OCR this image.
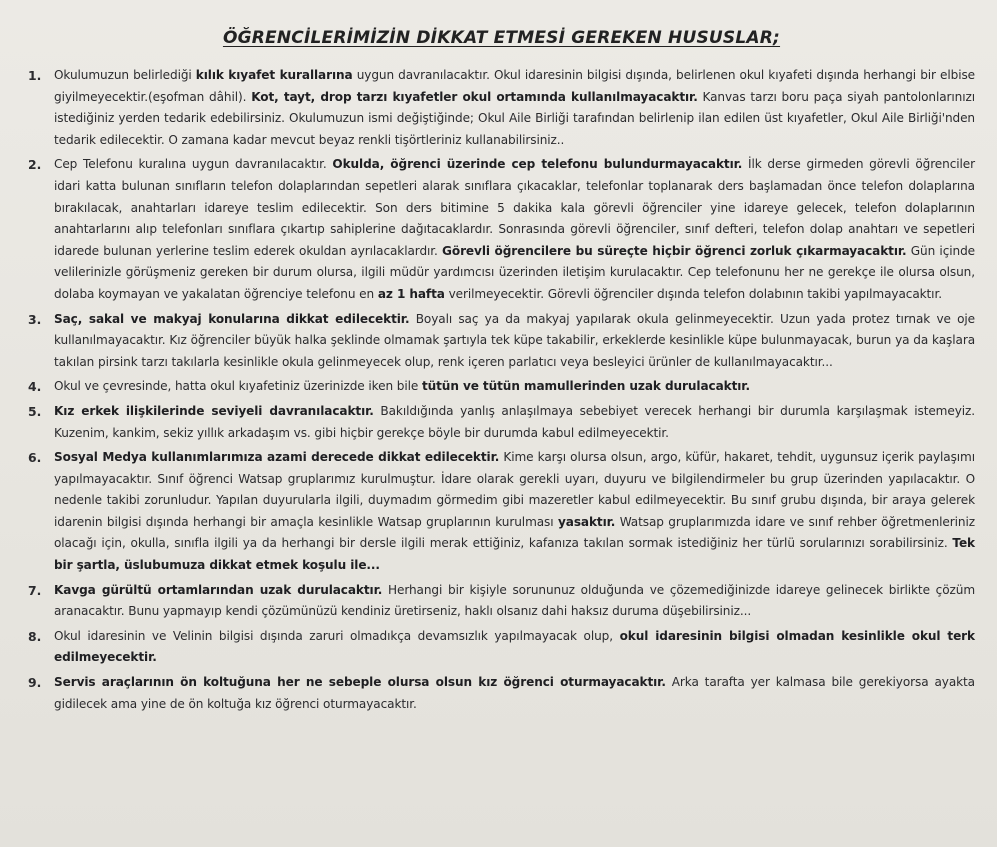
ÖĞRENCİLERİMİZİN DİKKAT ETMESİ GEREKEN HUSUSLAR;
1.	Okulumuzun belirlediği kılık kıyafet kurallarına uygun davranılacaktır. Okul idaresinin bilgisi dışında, belirlenen okul kıyafeti dışında herhangi bir elbise giyilmeyecektir.(eşofman dâhil). Kot, tayt, drop tarzı kıyafetler okul ortamında kullanılmayacaktır. Kanvas tarzı boru paça siyah pantolonlarınızı istediğiniz yerden tedarik edebilirsiniz. Okulumuzun ismi değiştiğinde; Okul Aile Birliği tarafından belirlenip ilan edilen üst kıyafetler, Okul Aile Birliği'nden tedarik edilecektir. O zamana kadar mevcut beyaz renkli tişörtleriniz kullanabilirsiniz..
2.	Cep Telefonu kuralına uygun davranılacaktır. Okulda, öğrenci üzerinde cep telefonu bulundurmayacaktır. İlk derse girmeden görevli öğrenciler idari katta bulunan sınıfların telefon dolaplarından sepetleri alarak sınıflara çıkacaklar, telefonlar toplanarak ders başlamadan önce telefon dolaplarına bırakılacak, anahtarları idareye teslim edilecektir. Son ders bitimine 5 dakika kala görevli öğrenciler yine idareye gelecek, telefon dolaplarının anahtarlarını alıp telefonları sınıflara çıkartıp sahiplerine dağıtacaklardır. Sonrasında görevli öğrenciler, sınıf defteri, telefon dolap anahtarı ve sepetleri idarede bulunan yerlerine teslim ederek okuldan ayrılacaklardır. Görevli öğrencilere bu süreçte hiçbir öğrenci zorluk çıkarmayacaktır. Gün içinde velilerinizle görüşmeniz gereken bir durum olursa, ilgili müdür yardımcısı üzerinden iletişim kurulacaktır. Cep telefonunu her ne gerekçe ile olursa olsun, dolaba koymayan ve yakalatan öğrenciye telefonu en az 1 hafta verilmeyecektir. Görevli öğrenciler dışında telefon dolabının takibi yapılmayacaktır.
3.	Saç, sakal ve makyaj konularına dikkat edilecektir. Boyalı saç ya da makyaj yapılarak okula gelinmeyecektir. Uzun yada protez tırnak ve oje kullanılmayacaktır. Kız öğrenciler büyük halka şeklinde olmamak şartıyla tek küpe takabilir, erkeklerde kesinlikle küpe bulunmayacak, burun ya da kaşlara takılan pirsink tarzı takılarla kesinlikle okula gelinmeyecek olup, renk içeren parlatıcı veya besleyici ürünler de kullanılmayacaktır...
4.	Okul ve çevresinde, hatta okul kıyafetiniz üzerinizde iken bile tütün ve tütün mamullerinden uzak durulacaktır.
5.	Kız erkek ilişkilerinde seviyeli davranılacaktır. Bakıldığında yanlış anlaşılmaya sebebiyet verecek herhangi bir durumla karşılaşmak istemeyiz. Kuzenim, kankim, sekiz yıllık arkadaşım vs. gibi hiçbir gerekçe böyle bir durumda kabul edilmeyecektir.
6.	Sosyal Medya kullanımlarımıza azami derecede dikkat edilecektir. Kime karşı olursa olsun, argo, küfür, hakaret, tehdit, uygunsuz içerik paylaşımı yapılmayacaktır. Sınıf öğrenci Watsap gruplarımız kurulmuştur. İdare olarak gerekli uyarı, duyuru ve bilgilendirmeler bu grup üzerinden yapılacaktır. O nedenle takibi zorunludur. Yapılan duyurularla ilgili, duymadım görmedim gibi mazeretler kabul edilmeyecektir. Bu sınıf grubu dışında, bir araya gelerek idarenin bilgisi dışında herhangi bir amaçla kesinlikle Watsap gruplarının kurulması yasaktır. Watsap gruplarımızda idare ve sınıf rehber öğretmenleriniz olacağı için, okulla, sınıfla ilgili ya da herhangi bir dersle ilgili merak ettiğiniz, kafanıza takılan sormak istediğiniz her türlü sorularınızı sorabilirsiniz. Tek bir şartla, üslubumuza dikkat etmek koşulu ile...
7.	Kavga gürültü ortamlarından uzak durulacaktır. Herhangi bir kişiyle sorununuz olduğunda ve çözemediğinizde idareye gelinecek birlikte çözüm aranacaktır. Bunu yapmayıp kendi çözümünüzü kendiniz üretirseniz, haklı olsanız dahi haksız duruma düşebilirsiniz...
8.	Okul idaresinin ve Velinin bilgisi dışında zaruri olmadıkça devamsızlık yapılmayacak olup, okul idaresinin bilgisi olmadan kesinlikle okul terk edilmeyecektir.
9.	Servis araçlarının ön koltuğuna her ne sebeple olursa olsun kız öğrenci oturmayacaktır. Arka tarafta yer kalmasa bile gerekiyorsa ayakta gidilecek ama yine de ön koltuğa kız öğrenci oturmayacaktır.
